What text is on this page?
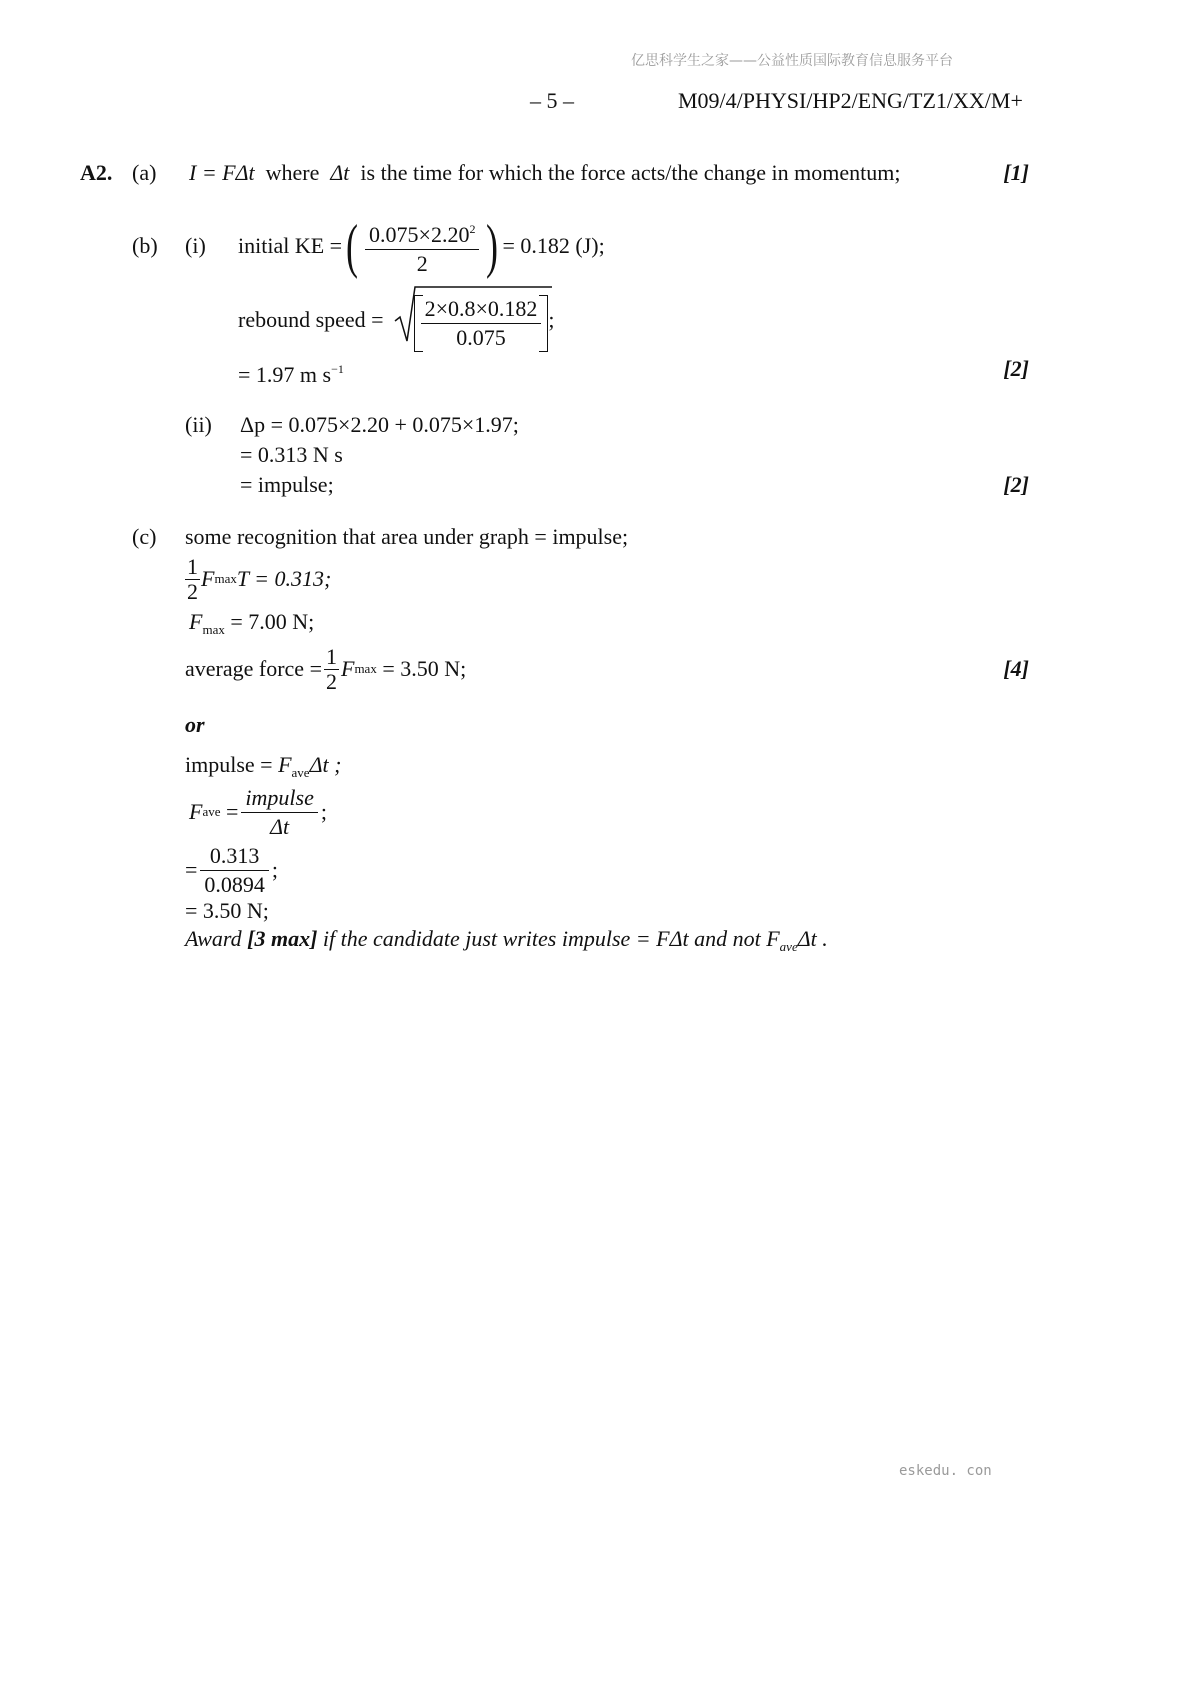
亿思科学生之家——公益性质国际教育信息服务平台
– 5 –	M09/4/PHYSI/HP2/ENG/TZ1/XX/M+
A2. (a) I = FΔt where Δt is the time for which the force acts/the change in momentum;	[1]
(b) (i) initial KE = ( $\frac{0.075\times 2.20^2}{2}$ ) = 0.182 (J);
rebound speed = $\frac{2\times 0.8\times 0.182}{0.075}$ ;
= 1.97 m $s^{-1}$	[2]
(ii) Δp = 0.075×2.20 + 0.075×1.97;
= 0.313 N s
= impulse;	[2]
(c) some recognition that area under graph = impulse;
$\frac{1}{2}$ F max T = 0.313;
$F_{max} = 7.00$ N;
average force = $\frac{1}{2}$ F max
= 3.50 N;	[4]
or
impulse = $F_{ave}\Delta t$ ;
F ave
= $\frac{\text{impulse}}{\Delta t}$ ;
= $\frac{0.313}{0.0894}$ ;
= 3.50 N;
Award [3 max] if the candidate just writes impulse = FΔt and not $F_{ave}\Delta t$ .
eskedu. con
